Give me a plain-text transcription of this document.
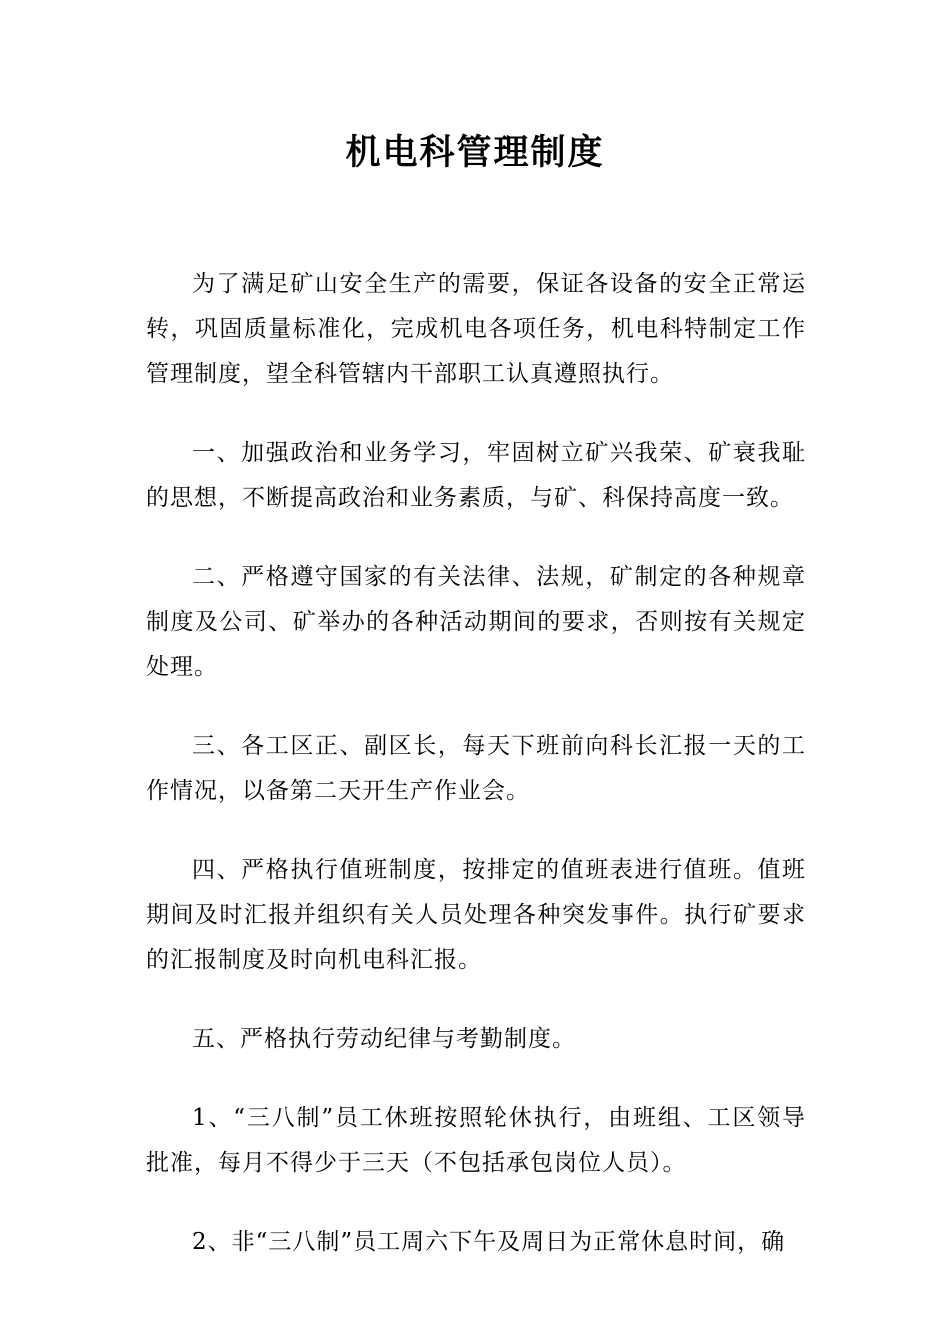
机电科管理制度

为了满足矿山安全生产的需要，保证各设备的安全正常运转，巩固质量标准化，完成机电各项任务，机电科特制定工作管理制度，望全科管辖内干部职工认真遵照执行。

一、加强政治和业务学习，牢固树立矿兴我荣、矿衰我耻的思想，不断提高政治和业务素质，与矿、科保持高度一致。

二、严格遵守国家的有关法律、法规，矿制定的各种规章制度及公司、矿举办的各种活动期间的要求，否则按有关规定处理。

三、各工区正、副区长，每天下班前向科长汇报一天的工作情况，以备第二天开生产作业会。

四、严格执行值班制度，按排定的值班表进行值班。值班期间及时汇报并组织有关人员处理各种突发事件。执行矿要求的汇报制度及时向机电科汇报。

五、严格执行劳动纪律与考勤制度。

1、“三八制”员工休班按照轮休执行，由班组、工区领导批准，每月不得少于三天（不包括承包岗位人员）。

2、非“三八制”员工周六下午及周日为正常休息时间，确
